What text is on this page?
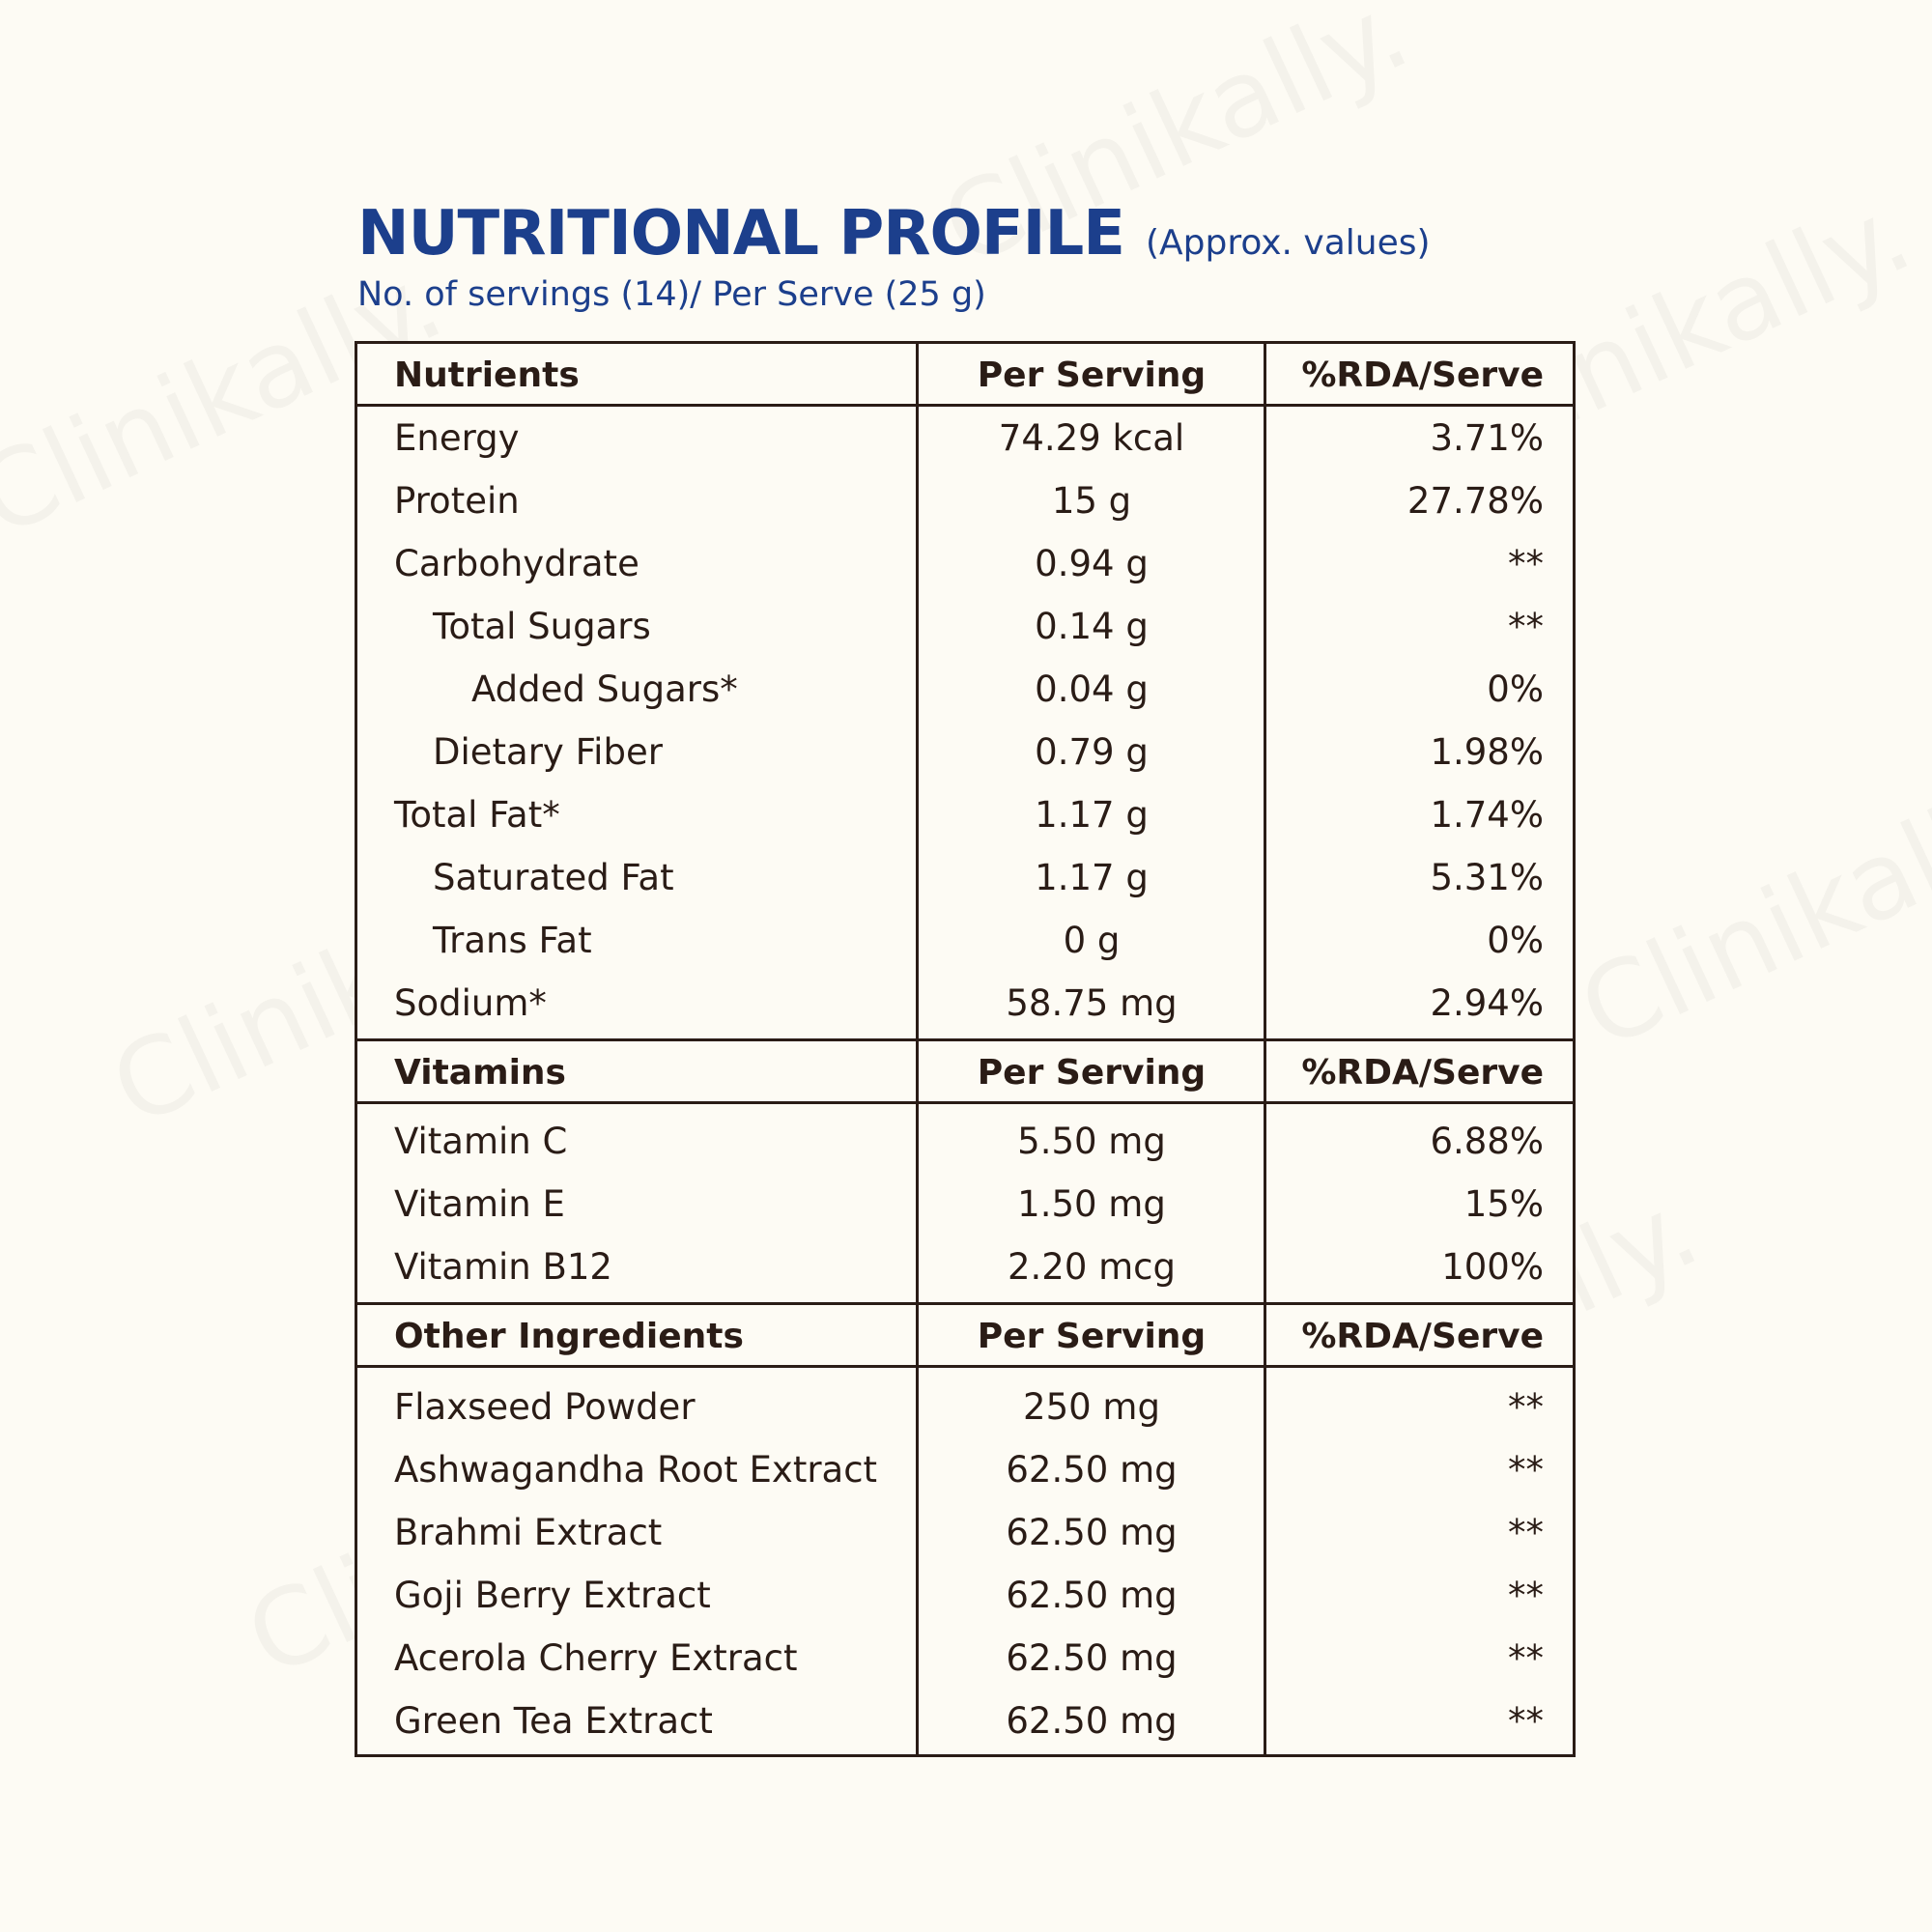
NUTRITIONAL PROFILE (Approx. values)
No. of servings (14)/ Per Serve (25 g)
Nutrients	Per Serving	%RDA/Serve
Energy	74.29 kcal	3.71%
Protein	15 g	27.78%
Carbohydrate	0.94 g	**
Total Sugars	0.14 g	**
Added Sugars*	0.04 g	0%
Dietary Fiber	0.79 g	1.98%
Total Fat*	1.17 g	1.74%
Saturated Fat	1.17 g	5.31%
Trans Fat	0 g	0%
Sodium*	58.75 mg	2.94%
Vitamins	Per Serving	%RDA/Serve
Vitamin C	5.50 mg	6.88%
Vitamin E	1.50 mg	15%
Vitamin B12	2.20 mcg	100%
Other Ingredients	Per Serving	%RDA/Serve
Flaxseed Powder	250 mg	**
Ashwagandha Root Extract	62.50 mg	**
Brahmi Extract	62.50 mg	**
Goji Berry Extract	62.50 mg	**
Acerola Cherry Extract	62.50 mg	**
Green Tea Extract	62.50 mg	**
